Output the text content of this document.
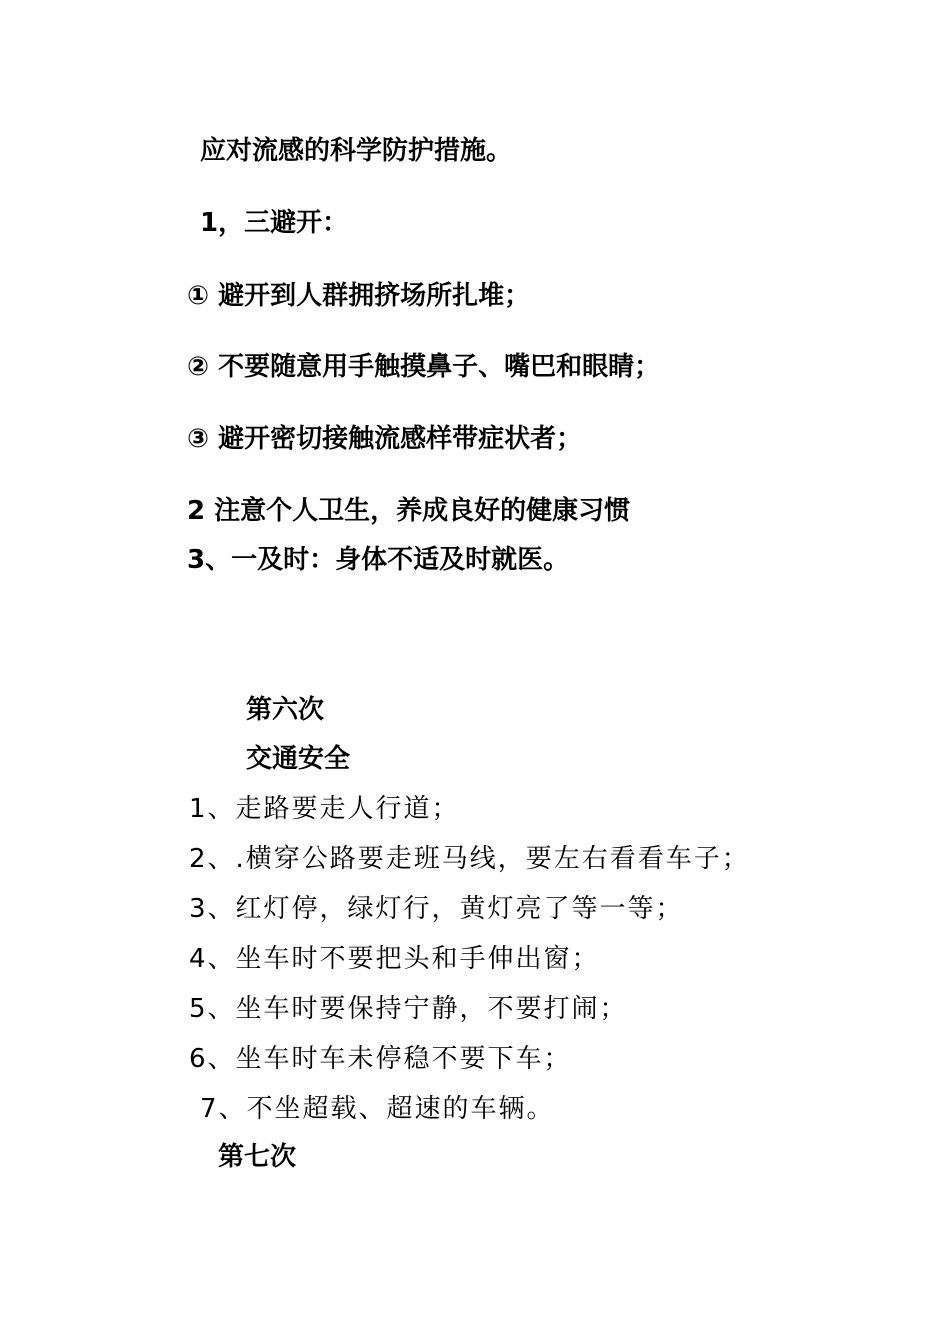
应对流感的科学防护措施。
1，三避开：
① 避开到人群拥挤场所扎堆；
② 不要随意用手触摸鼻子、嘴巴和眼睛；
③ 避开密切接触流感样带症状者；
2 注意个人卫生，养成良好的健康习惯
3、一及时：身体不适及时就医。
第六次
交通安全
1、走路要走人行道；
2、.横穿公路要走班马线，要左右看看车子；
3、红灯停，绿灯行，黄灯亮了等一等；
4、坐车时不要把头和手伸出窗；
5、坐车时要保持宁静，不要打闹；
6、坐车时车未停稳不要下车；
7、不坐超载、超速的车辆。
第七次
